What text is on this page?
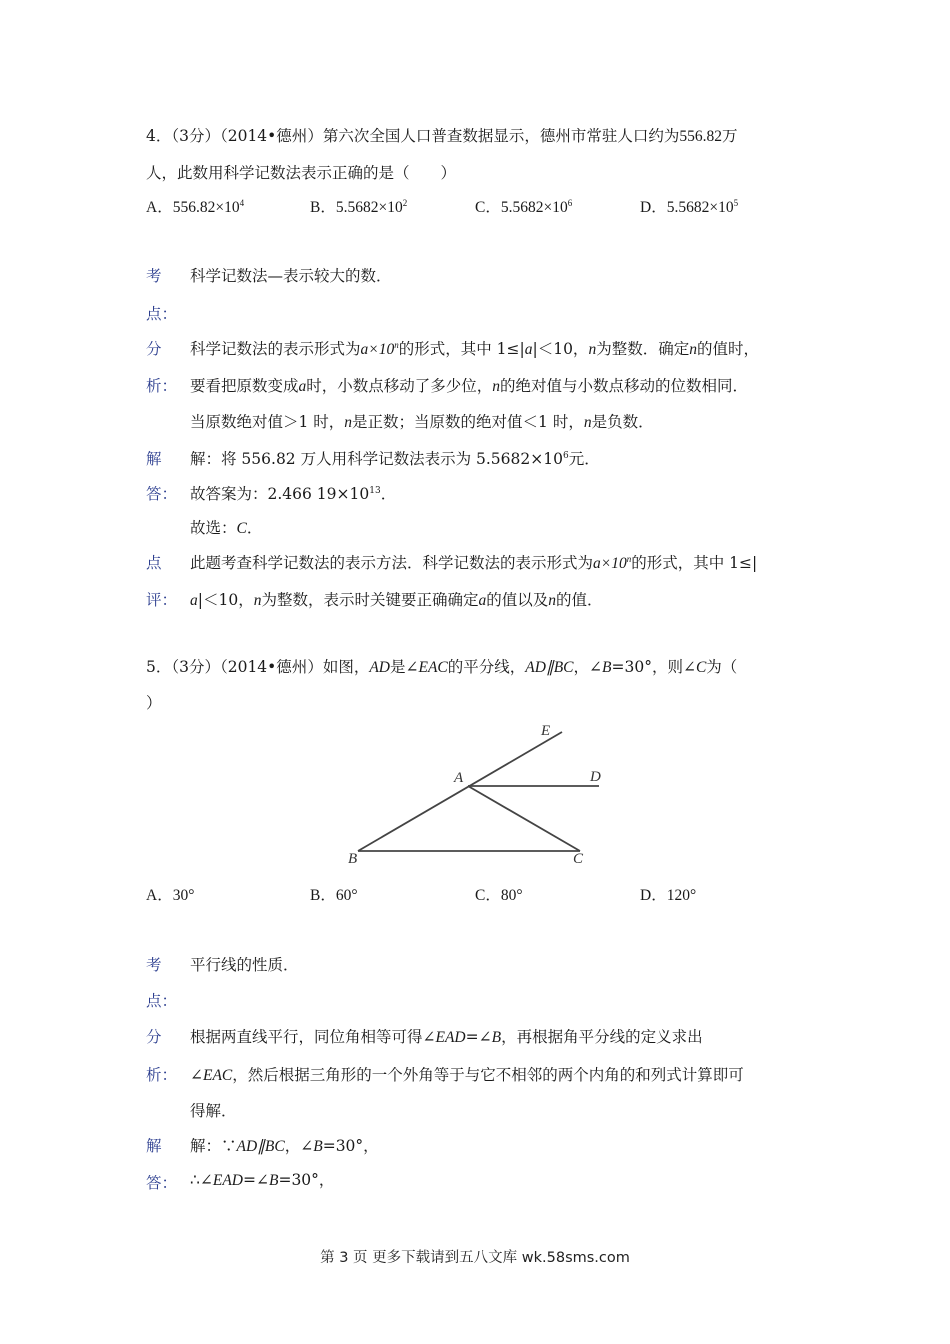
4．（3分）（2014•德州）第六次全国人口普查数据显示，德州市常驻人口约为556.82万
人，此数用科学记数法表示正确的是（　　）
A．$556.82\times 10^4$	B．$5.5682\times 10^2$	C．$5.5682\times 10^6$	D．$5.5682\times 10^5$
考
点：
科学记数法—表示较大的数．
分
析：
科学记数法的表示形式为$a\times 10^n$的形式，其中 1≤|a|＜10，n为整数．确定n的值时，
要看把原数变成a时，小数点移动了多少位，n的绝对值与小数点移动的位数相同．
当原数绝对值＞1 时，n是正数；当原数的绝对值＜1 时，n是负数．
解
答：
解：将 556.82 万人用科学记数法表示为 $5.5682\times 10^6$元．
故答案为：2.466 $19\times 10^{13}$．
故选：C．
点
评：
此题考查科学记数法的表示方法．科学记数法的表示形式为$a\times 10^n$的形式，其中 1≤|
a|＜10，n为整数，表示时关键要正确确定a的值以及n的值．
5．（3分）（2014•德州）如图，AD是∠EAC的平分线，AD∥BC，∠B=30°，则∠C为（
）
E
A	D
B	C
A．30°	B．60°	C．80°	D．120°
考
点：
平行线的性质．
分
析：
根据两直线平行，同位角相等可得∠EAD=∠B，再根据角平分线的定义求出
∠EAC，然后根据三角形的一个外角等于与它不相邻的两个内角的和列式计算即可
得解．
解
答：
解：∵AD∥BC，∠B=30°，
∴∠EAD=∠B=30°，
第 3 页 更多下载请到五八文库 wk.58sms.com
